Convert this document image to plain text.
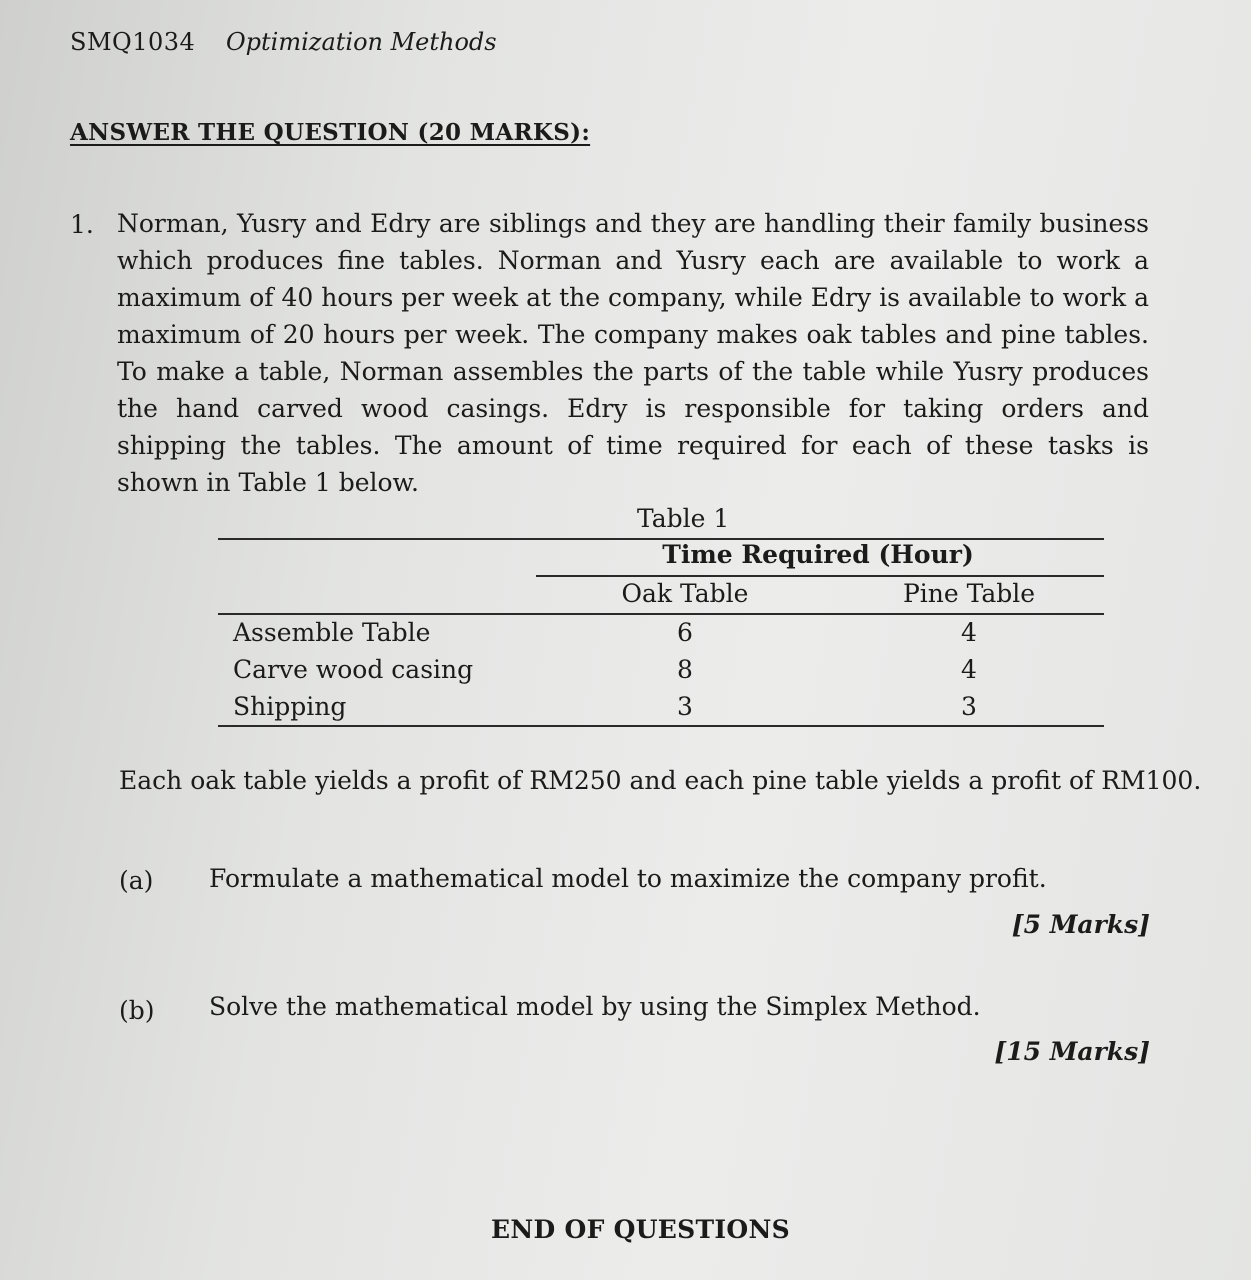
SMQ1034 Optimization Methods
ANSWER THE QUESTION (20 MARKS):
1. Norman, Yusry and Edry are siblings and they are handling their family business which produces fine tables. Norman and Yusry each are available to work a maximum of 40 hours per week at the company, while Edry is available to work a maximum of 20 hours per week. The company makes oak tables and pine tables. To make a table, Norman assembles the parts of the table while Yusry produces the hand carved wood casings. Edry is responsible for taking orders and shipping the tables. The amount of time required for each of these tasks is shown in Table 1 below.
Table 1
Time Required (Hour)
Oak Table	Pine Table
Assemble Table	6	4
Carve wood casing	8	4
Shipping	3	3
Each oak table yields a profit of RM250 and each pine table yields a profit of RM100.
(a) Formulate a mathematical model to maximize the company profit.
[5 Marks]
(b) Solve the mathematical model by using the Simplex Method.
[15 Marks]
END OF QUESTIONS
